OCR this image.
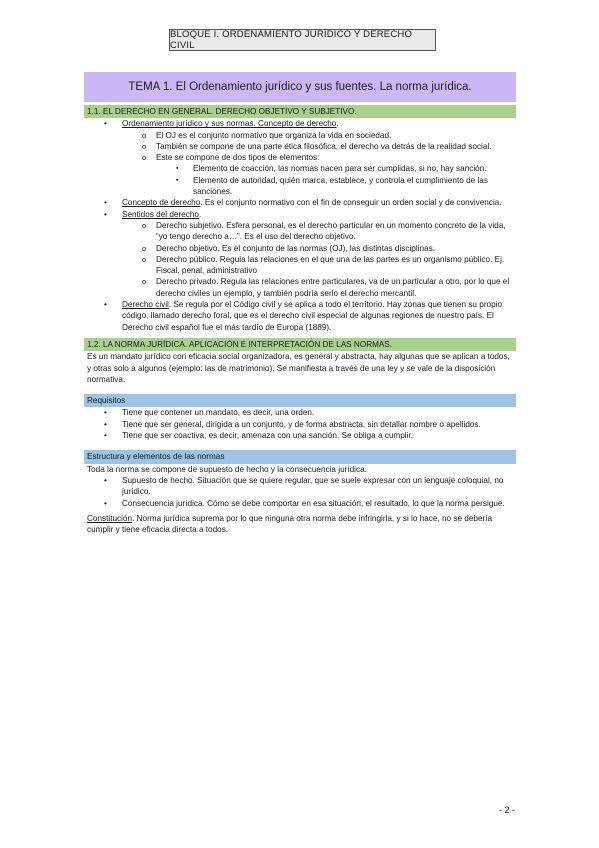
BLOQUE I. ORDENAMIENTO JURÍDICO Y DERECHO CIVIL
TEMA 1. El Ordenamiento jurídico y sus fuentes. La norma jurídica.
1.1. EL DERECHO EN GENERAL. DERECHO OBJETIVO Y SUBJETIVO.
• Ordenamiento jurídico y sus normas. Concepto de derecho.
o El OJ es el conjunto normativo que organiza la vida en sociedad.
o También se compone de una parte ética filosófica, el derecho va detrás de la realidad social.
o Este se compone de dos tipos de elementos:
▪ Elemento de coacción, las normas nacen para ser cumplidas, si no, hay sanción.
▪ Elemento de autoridad, quién marca, establece, y controla el cumplimiento de las sanciones.
• Concepto de derecho. Es el conjunto normativo con el fin de conseguir un orden social y de convivencia.
• Sentidos del derecho.
o Derecho subjetivo. Esfera personal, es el derecho particular en un momento concreto de la vida, “yo tengo derecho a…”. Es el uso del derecho objetivo.
o Derecho objetivo. Es el conjunto de las normas (OJ), las distintas disciplinas.
o Derecho público. Regula las relaciones en el que una de las partes es un organismo público. Ej. Fiscal, penal, administrativo
o Derecho privado. Regula las relaciones entre particulares, va de un particular a otro, por lo que el derecho civiles un ejemplo, y también podría serlo el derecho mercantil.
• Derecho civil. Se regula por el Código civil y se aplica a todo el territorio. Hay zonas que tienen su propio código, llamado derecho foral, que es el derecho civil especial de algunas regiones de nuestro país. El Derecho civil español fue el más tardío de Europa (1889).
1.2. LA NORMA JURÍDICA. APLICACIÓN E INTERPRETACIÓN DE LAS NORMAS.

Es un mandato jurídico con eficacia social organizadora, es general y abstracta, hay algunas que se aplican a todos, y otras solo a algunos (ejemplo: las de matrimonio). Se manifiesta a través de una ley y se vale de la disposición normativa.

Requisitos
• Tiene que contener un mandato, es decir, una orden.
• Tiene que ser general, dirigida a un conjunto, y de forma abstracta, sin detallar nombre o apellidos.
• Tiene que ser coactiva, es decir, amenaza con una sanción. Se obliga a cumplir.
Estructura y elementos de las normas

Toda la norma se compone de supuesto de hecho y la consecuencia jurídica.

• Supuesto de hecho. Situación que se quiere regular, que se suele expresar con un lenguaje coloquial, no jurídico.
• Consecuencia jurídica. Cómo se debe comportar en esa situación, el resultado, lo que la norma persigue.

Constitución. Norma jurídica suprema por lo que ninguna otra norma debe infringirla, y si lo hace, no se debería cumplir y tiene eficacia directa a todos.

- 2 -
